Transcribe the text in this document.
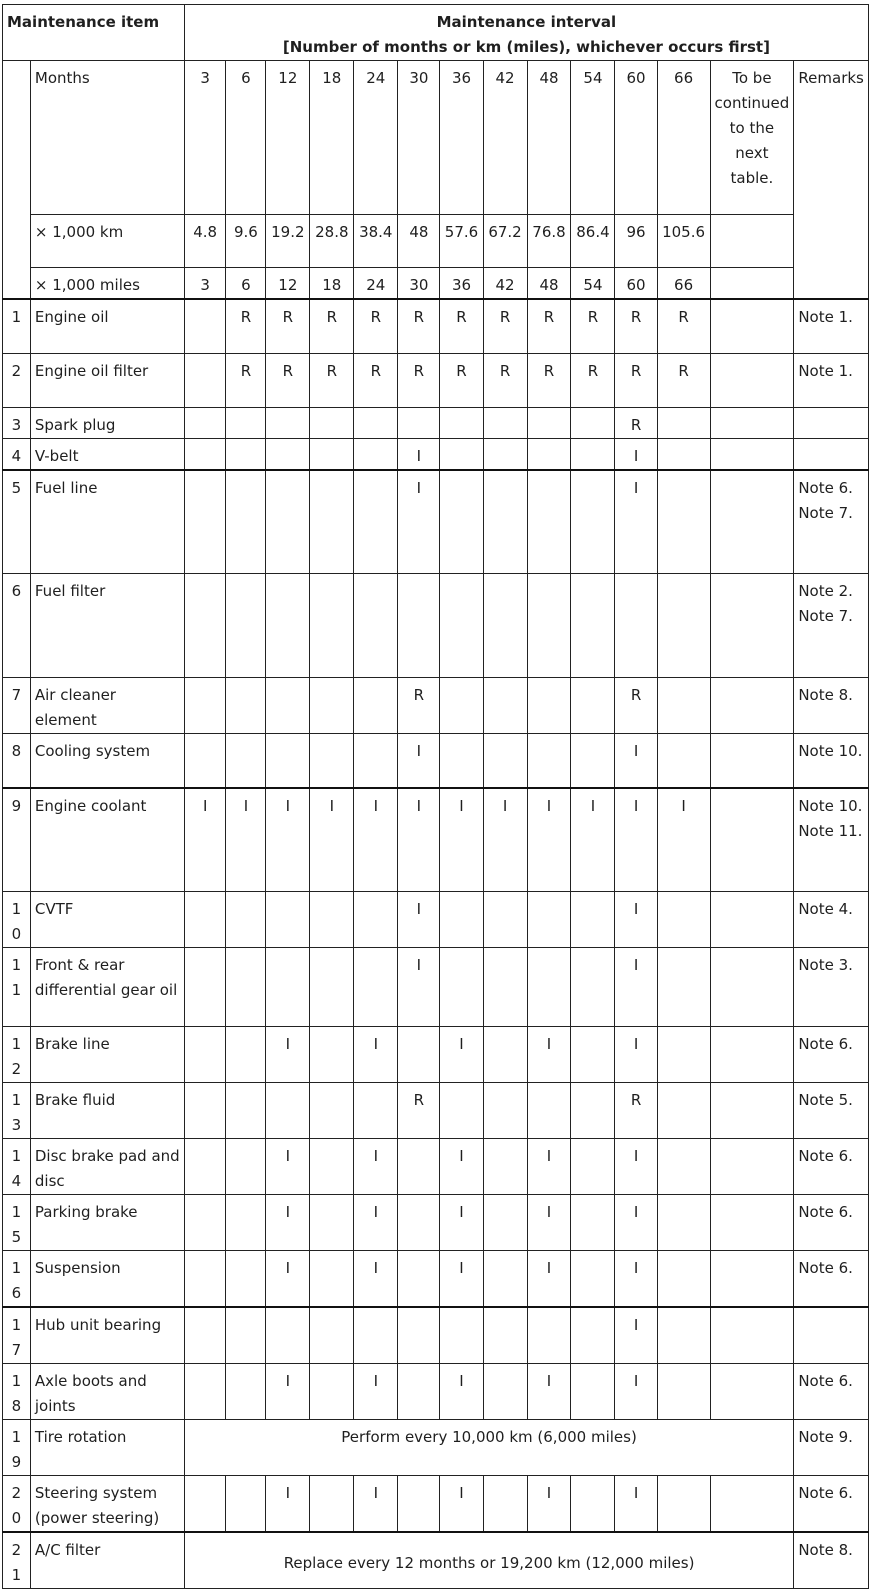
Maintenance item		Maintenance interval
[Number of months or km (miles), whichever occurs first]													

	Months	3	6	12	18	24	30	36	42	48	54	60	66	To be continued to the next table.	Remarks
	× 1,000 km	4.8	9.6	19.2	28.8	38.4	48	57.6	67.2	76.8	86.4	96	105.6		
	× 1,000 miles	3	6	12	18	24	30	36	42	48	54	60	66		
1	Engine oil		R	R	R	R	R	R	R	R	R	R	R		Note 1.
2	Engine oil filter		R	R	R	R	R	R	R	R	R	R	R		Note 1.
3	Spark plug											R			
4	V-belt						I					I			
5	Fuel line						I					I			Note 6. Note 7.
6	Fuel filter														Note 2. Note 7.
7	Air cleaner element						R					R			Note 8.
8	Cooling system						I					I			Note 10.
9	Engine coolant	I	I	I	I	I	I	I	I	I	I	I	I		Note 10. Note 11.
10	CVTF						I					I			Note 4.
11	Front & rear differential gear oil						I					I			Note 3.
12	Brake line			I		I		I		I		I			Note 6.
13	Brake fluid						R					R			Note 5.
14	Disc brake pad and disc			I		I		I		I		I			Note 6.
15	Parking brake			I		I		I		I		I			Note 6.
16	Suspension			I		I		I		I		I			Note 6.
17	Hub unit bearing											I			
18	Axle boots and joints			I		I		I		I		I			Note 6.
19	Tire rotation	Perform every 10,000 km (6,000 miles)													Note 9.
20	Steering system (power steering)			I		I		I		I		I			Note 6.
21	A/C filter	Replace every 12 months or 19,200 km (12,000 miles)													Note 8.
